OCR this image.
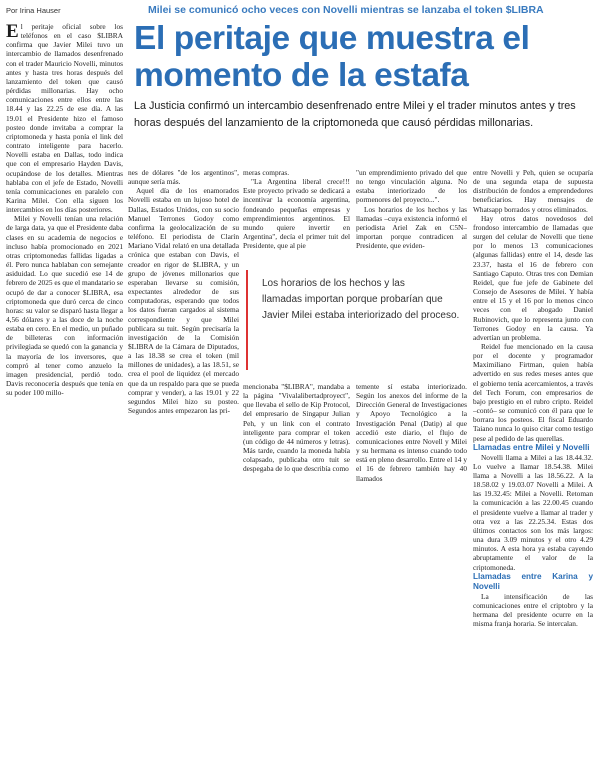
Por Irina Hauser	Milei se comunicó ocho veces con Novelli mientras se lanzaba el token $LIBRA
El peritaje que muestra el momento de la estafa

La Justicia confirmó un intercambio desenfrenado entre Milei y el trader minutos antes y tres horas después del lanzamiento de la criptomoneda que causó pérdidas millonarias.

El peritaje oficial sobre los teléfonos en el caso $LIBRA confirma que Javier Milei tuvo un intercambio de llamados desenfrenado con el trader Mauricio Novelli, minutos antes y hasta tres horas después del lanzamiento del token que causó pérdidas millonarias. Hay ocho comunicaciones entre ellos entre las 18.44 y las 22.25 de ese día. A las 19.01 el Presidente hizo el famoso posteo donde invitaba a comprar la criptomoneda y hasta ponía el link del contrato inteligente para hacerlo. Novelli estaba en Dallas, todo indica que con el empresario Hayden Davis, ocupándose de los detalles. Mientras hablaba con el jefe de Estado, Novelli tenía comunicaciones en paralelo con Karina Milei. Con ella siguen los intercambios en los días posteriores.

Milei y Novelli tenían una relación de larga data, ya que el Presidente daba clases en su academia de negocios e incluso había promocionado en 2021 otras criptomonedas fallidas ligadas a él. Pero nunca hablaban con semejante asiduidad. Lo que sucedió ese 14 de febrero de 2025 es que el mandatario se ocupó de dar a conocer $LIBRA, esa criptomoneda que duró cerca de cinco horas: su valor se disparó hasta llegar a 4,56 dólares y a las doce de la noche estaba en cero. En el medio, un puñado de billeteras con información privilegiada se quedó con la ganancia y la mayoría de los inversores, que compró al tener como anzuelo la imagen presidencial, perdió todo. Davis reconocería después que tenía en su poder 100 millo-

nes de dólares "de los argentinos", aunque sería más.

Aquel día de los enamorados Novelli estaba en un lujoso hotel de Dallas, Estados Unidos, con su socio Manuel Terrones Godoy como confirma la geolocalización de su teléfono. El periodista de Clarín Mariano Vidal relató en una detallada crónica que estaban con Davis, el creador en rigor de $LIBRA, y un grupo de jóvenes millonarios que esperaban llevarse su comisión, expectantes alrededor de sus computadoras, esperando que todos los datos fueran cargados al sistema correspondiente y que Milei publicara su tuit. Según precisaría la investigación de la Comisión $LIBRA de la Cámara de Diputados, a las 18.38 se crea el token (mil millones de unidades), a las 18.51, se crea el pool de liquidez (el mercado que da un respaldo para que se pueda comprar y vender), a las 19.01 y 22 segundos Milei hizo su posteo. Segundos antes empezaron las pri-

meras compras.

"La Argentina liberal crece!!! Este proyecto privado se dedicará a incentivar la economía argentina, fondeando pequeñas empresas y emprendimientos argentinos. El mundo quiere invertir en Argentina", decía el primer tuit del Presidente, que al pie

"un emprendimiento privado del que no tengo vinculación alguna. No estaba interiorizado de los pormenores del proyecto...".

Los horarios de los hechos y las llamadas –cuya existencia informó el periodista Ariel Zak en C5N– importan porque contradicen al Presidente, que eviden-

Los horarios de los hechos y las
llamadas importan porque probarían que
Javier Milei estaba interiorizado del proceso.

mencionaba "$LIBRA", mandaba a la página "Vivalalibertadproyect", que llevaba el sello de Kip Protocol, del empresario de Singapur Julian Peh, y un link con el contrato inteligente para comprar el token (un código de 44 números y letras). Más tarde, cuando la moneda había colapsado, publicaba otro tuit se despegaba de lo que describía como

temente sí estaba interiorizado. Según los anexos del informe de la Dirección General de Investigaciones y Apoyo Tecnológico a la Investigación Penal (Datip) al que accedió este diario, el flujo de comunicaciones entre Novell y Milei y su hermana es intenso cuando todo está en pleno desarrollo. Entre el 14 y el 16 de febrero también hay 40 llamados

entre Novelli y Peh, quien se ocuparía de una segunda etapa de supuesta distribución de fondos a emprendedores beneficiarios. Hay mensajes de Whatsapp borrados y otros eliminados.

Hay otros datos novedosos del frondoso intercambio de llamadas que surgen del celular de Novelli que tiene por lo menos 13 comunicaciones (algunas fallidas) entre el 14, desde las 23.37, hasta el 16 de febrero con Santiago Caputo. Otras tres con Demian Reidel, que fue jefe de Gabinete del Consejo de Asesores de Milei. Y había entre el 15 y el 16 por lo menos cinco veces con el abogado Daniel Rubinovich, que lo representa junto con Terrones Godoy en la causa. Ya advertían un problema.

Reidel fue mencionado en la causa por el docente y programador Maximiliano Firtman, quien había advertido en sus redes meses antes que el gobierno tenía acercamientos, a través del Tech Forum, con empresarios de bajo prestigio en el rubro cripto. Reidel –contó– se comunicó con él para que le borrara los posteos. El fiscal Eduardo Taiano nunca lo quiso citar como testigo pese al pedido de las querellas.

Llamadas entre Milei y Novelli

Novelli llama a Milei a las 18.44.32. Lo vuelve a llamar 18.54.38. Milei llama a Novelli a las 18.56.22. A la 18.58.02 y 19.03.07 Novelli a Milei. A las 19.32.45: Milei a Novelli. Retoman la comunicación a las 22.00.45 cuando el presidente vuelve a llamar al trader y otra vez a las 22.25.34. Estas dos últimos contactos son los más largos: una dura 3.09 minutos y el otro 4.29 minutos. A esta hora ya estaba cayendo abruptamente el valor de la criptomoneda.

Llamadas entre Karina y Novelli

La intensificación de las comunicaciones entre el criptobro y la hermana del presidente ocurre en la misma franja horaria. Se intercalan.
